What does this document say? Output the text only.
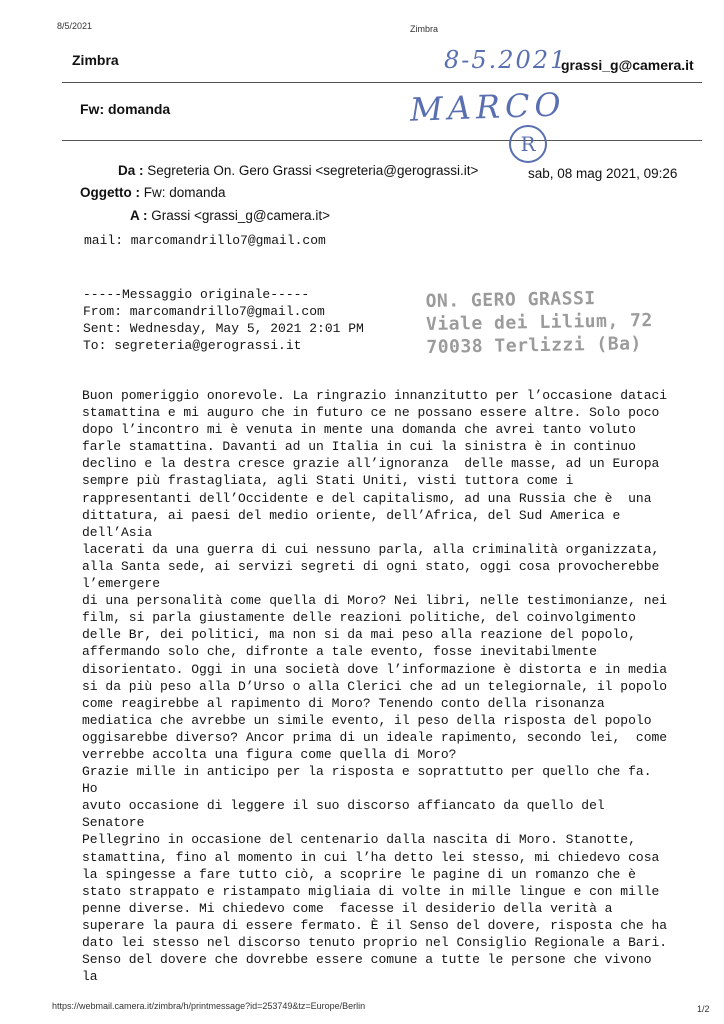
8/5/2021	Zimbra
Zimbra	grassi_g@camera.it
Fw: domanda
8-5.2021
MARCO
R
Da : Segreteria On. Gero Grassi <segreteria@gerograssi.it>	sab, 08 mag 2021, 09:26
Oggetto : Fw: domanda
A : Grassi <grassi_g@camera.it>
mail: marcomandrillo7@gmail.com
-----Messaggio originale-----
From: marcomandrillo7@gmail.com
Sent: Wednesday, May 5, 2021 2:01 PM
To: segreteria@gerograssi.it
ON. GERO GRASSI
Viale dei Lilium, 72
70038 Terlizzi (Ba)
Buon pomeriggio onorevole. La ringrazio innanzitutto per l’occasione dataci
stamattina e mi auguro che in futuro ce ne possano essere altre. Solo poco
dopo l’incontro mi è venuta in mente una domanda che avrei tanto voluto
farle stamattina. Davanti ad un Italia in cui la sinistra è in continuo
declino e la destra cresce grazie all’ignoranza  delle masse, ad un Europa
sempre più frastagliata, agli Stati Uniti, visti tuttora come i
rappresentanti dell’Occidente e del capitalismo, ad una Russia che è  una
dittatura, ai paesi del medio oriente, dell’Africa, del Sud America e
dell’Asia
lacerati da una guerra di cui nessuno parla, alla criminalità organizzata,
alla Santa sede, ai servizi segreti di ogni stato, oggi cosa provocherebbe
l’emergere
di una personalità come quella di Moro? Nei libri, nelle testimonianze, nei
film, si parla giustamente delle reazioni politiche, del coinvolgimento
delle Br, dei politici, ma non si da mai peso alla reazione del popolo,
affermando solo che, difronte a tale evento, fosse inevitabilmente
disorientato. Oggi in una società dove l’informazione è distorta e in media
si da più peso alla D’Urso o alla Clerici che ad un telegiornale, il popolo
come reagirebbe al rapimento di Moro? Tenendo conto della risonanza
mediatica che avrebbe un simile evento, il peso della risposta del popolo
oggisarebbe diverso? Ancor prima di un ideale rapimento, secondo lei,  come
verrebbe accolta una figura come quella di Moro?
Grazie mille in anticipo per la risposta e soprattutto per quello che fa.
Ho
avuto occasione di leggere il suo discorso affiancato da quello del
Senatore
Pellegrino in occasione del centenario dalla nascita di Moro. Stanotte,
stamattina, fino al momento in cui l’ha detto lei stesso, mi chiedevo cosa
la spingesse a fare tutto ciò, a scoprire le pagine di un romanzo che è
stato strappato e ristampato migliaia di volte in mille lingue e con mille
penne diverse. Mi chiedevo come  facesse il desiderio della verità a
superare la paura di essere fermato. È il Senso del dovere, risposta che ha
dato lei stesso nel discorso tenuto proprio nel Consiglio Regionale a Bari.
Senso del dovere che dovrebbe essere comune a tutte le persone che vivono
la
https://webmail.camera.it/zimbra/h/printmessage?id=253749&tz=Europe/Berlin	1/2
